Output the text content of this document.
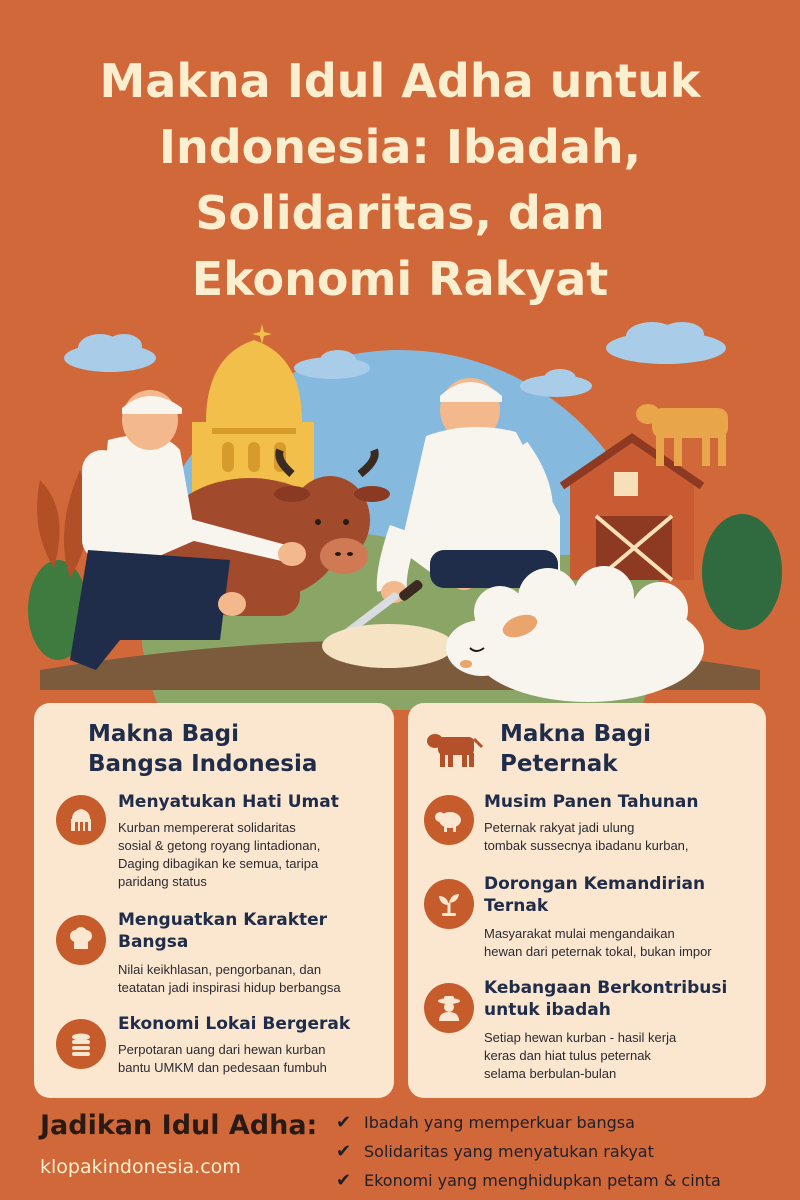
Makna Idul Adha untuk
Indonesia: Ibadah,
Solidaritas, dan
Ekonomi Rakyat
Makna Bagi
Bangsa Indonesia
Menyatukan Hati Umat
Kurban mempererat solidaritas
sosial & getong royang lintadionan,
Daging dibagikan ke semua, taripa
paridang status
Menguatkan Karakter
Bangsa
Nilai keikhlasan, pengorbanan, dan
teatatan jadi inspirasi hidup berbangsa
Ekonomi Lokai Bergerak
Perpotaran uang dari hewan kurban
bantu UMKM dan pedesaan fumbuh
Makna Bagi
Peternak
Musim Panen Tahunan
Peternak rakyat jadi ulung
tombak sussecnya ibadanu kurban,
Dorongan Kemandirian
Ternak
Masyarakat mulai mengandaikan
hewan dari peternak tokal, bukan impor
Kebangaan Berkontribusi
untuk ibadah
Setiap hewan kurban - hasil kerja
keras dan hiat tulus peternak
selama berbulan-bulan
Jadikan Idul Adha:
klopakindonesia.com
✔ Ibadah yang memperkuar bangsa
✔ Solidaritas yang menyatukan rakyat
✔ Ekonomi yang menghidupkan petam & cinta
